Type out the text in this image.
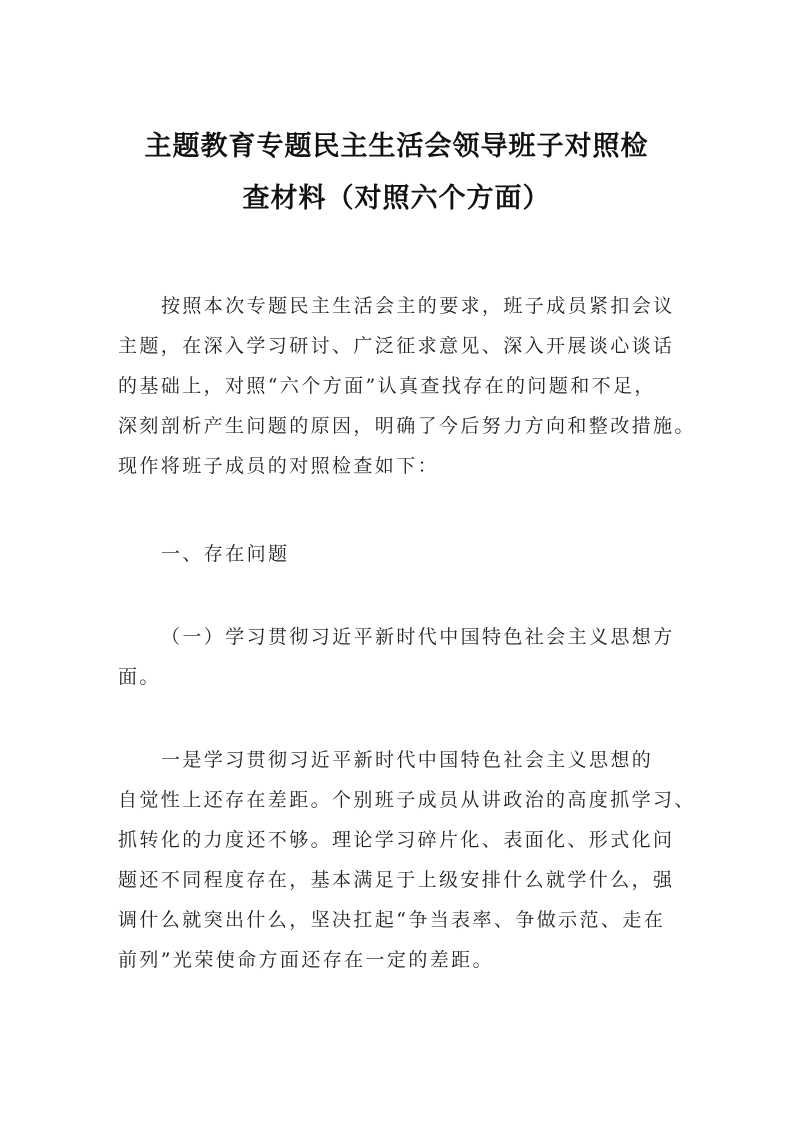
主题教育专题民主生活会领导班子对照检
查材料（对照六个方面）
按照本次专题民主生活会主的要求，班子成员紧扣会议
主题，在深入学习研讨、广泛征求意见、深入开展谈心谈话
的基础上，对照“六个方面”认真查找存在的问题和不足，
深刻剖析产生问题的原因，明确了今后努力方向和整改措施。
现作将班子成员的对照检查如下：
一、存在问题
（一）学习贯彻习近平新时代中国特色社会主义思想方
面。
一是学习贯彻习近平新时代中国特色社会主义思想的
自觉性上还存在差距。个别班子成员从讲政治的高度抓学习、
抓转化的力度还不够。理论学习碎片化、表面化、形式化问
题还不同程度存在，基本满足于上级安排什么就学什么，强
调什么就突出什么，坚决扛起“争当表率、争做示范、走在
前列”光荣使命方面还存在一定的差距。
